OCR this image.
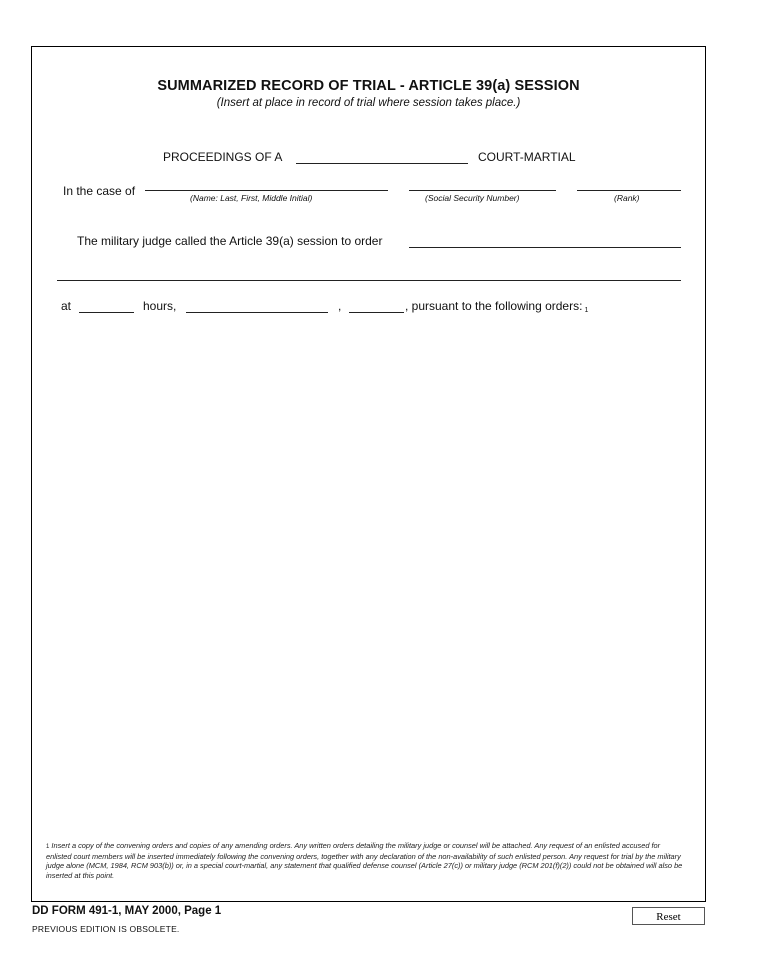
SUMMARIZED RECORD OF TRIAL - ARTICLE 39(a) SESSION
(Insert at place in record of trial where session takes place.)
PROCEEDINGS OF A	COURT-MARTIAL
In the case of	(Name: Last, First, Middle Initial)	(Social Security Number)	(Rank)
The military judge called the Article 39(a) session to order
at	hours,	,	, pursuant to the following orders: 1
1 Insert a copy of the convening orders and copies of any amending orders. Any written orders detailing the military judge or counsel will be attached. Any request of an enlisted accused for enlisted court members will be inserted immediately following the convening orders, together with any declaration of the non-availability of such enlisted person. Any request for trial by the military judge alone (MCM, 1984, RCM 903(b)) or, in a special court-martial, any statement that qualified defense counsel (Article 27(c)) or military judge (RCM 201(f)(2)) could not be obtained will also be inserted at this point.
DD FORM 491-1, MAY 2000, Page 1
PREVIOUS EDITION IS OBSOLETE.
Reset
